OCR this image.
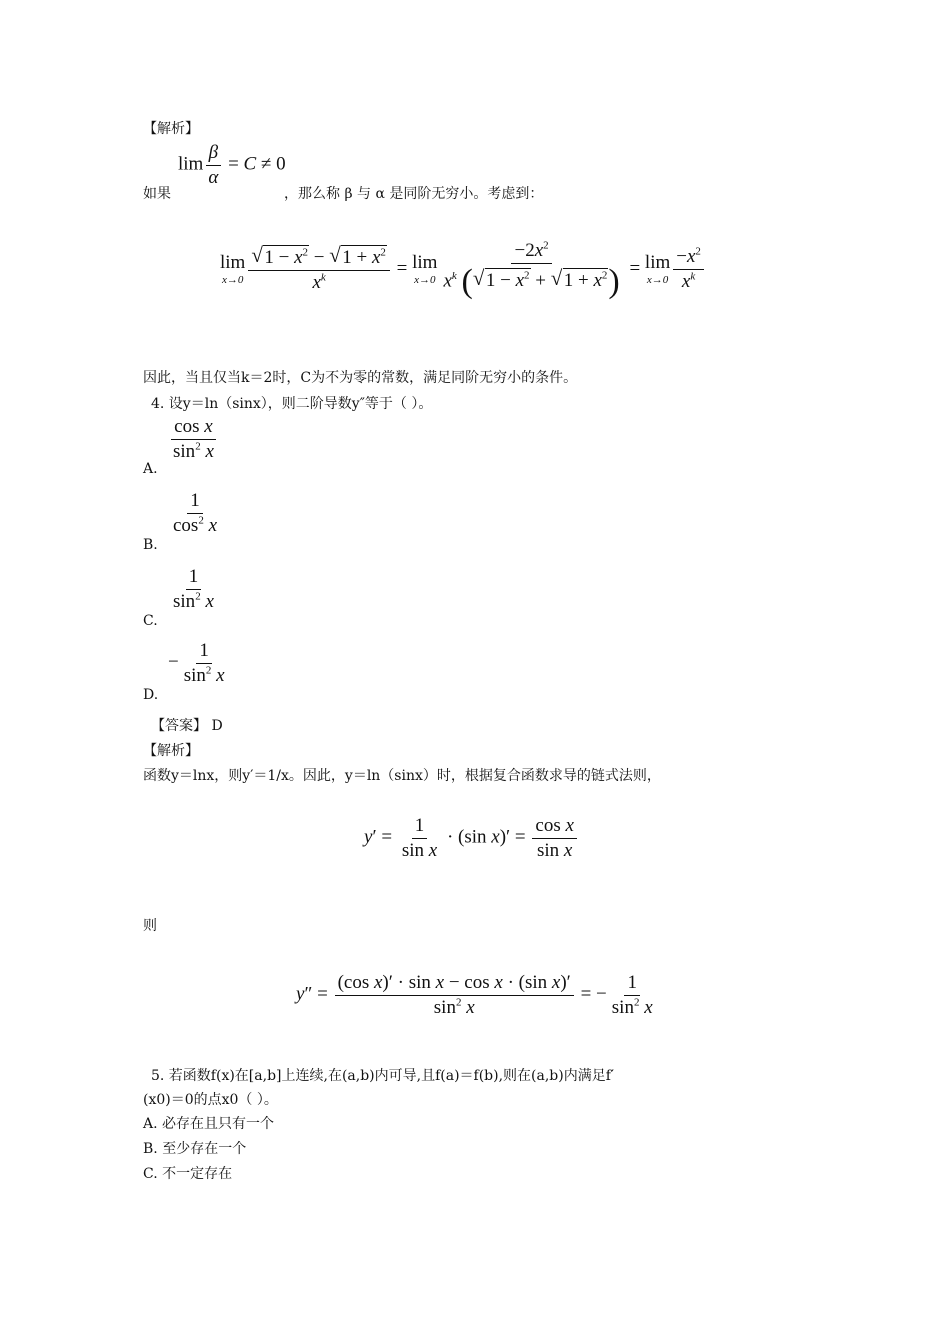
【解析】
$\lim \frac{\beta}{\alpha} = C \ne 0$
如果	，那么称 β 与 α 是同阶无穷小。考虑到：
lim
$x\to 0 \frac{√ 1 - x^2 - √ 1 + x^2}{x^k} = \lim$
$x\to 0 \frac{-2x^2}{x^k ( √ 1 - x^2 + √ 1 + x^2)} = \lim$
$x\to 0 \frac{-x^2}{x^k}$
因此，当且仅当k＝2时，C为不为零的常数，满足同阶无穷小的条件。
4. 设y＝ln（sinx），则二阶导数y″等于（ ）。
$\frac{\text{cos x}}{\sin^2 x}$
A.
$\frac{1}{\cos^2 x}$
B.
$\frac{1}{\sin^2 x}$
C.
− $\frac{1}{\sin^2 x}$
D.
【答案】 D
【解析】
函数y＝lnx，则y′＝1/x。因此，y＝ln（sinx）时，根据复合函数求导的链式法则，
$y' = \frac{1}{\text{sin x}} \cdot (\sin$ $x)' = \frac{\text{cos x}}{\text{sin x}}$
则
$y'' = \frac{\text{(cos x)′ · sin x − cos x · (sin x)′}}{\sin^2 x}$ = − $\frac{1}{\sin^2 x}$
5. 若函数f(x)在[a,b]上连续,在(a,b)内可导,且f(a)＝f(b),则在(a,b)内满足f′
(x0)＝0的点x0（ ）。
A. 必存在且只有一个
B. 至少存在一个
C. 不一定存在
